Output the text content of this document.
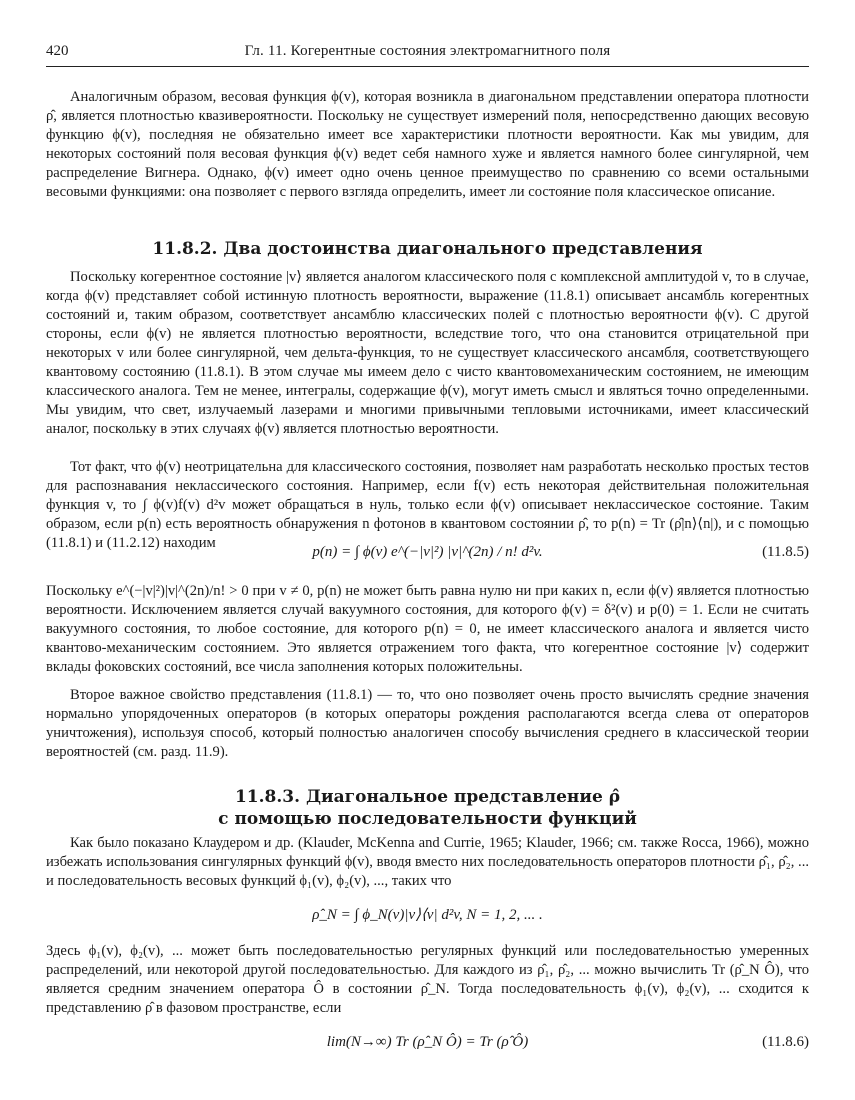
420	Гл. 11. Когерентные состояния электромагнитного поля

Аналогичным образом, весовая функция ϕ(v), которая возникла в диагональном представлении оператора плотности ρ̂, является плотностью квазивероятности. Поскольку не существует измерений поля, непосредственно дающих весовую функцию ϕ(v), последняя не обязательно имеет все характеристики плотности вероятности. Как мы увидим, для некоторых состояний поля весовая функция ϕ(v) ведет себя намного хуже и является намного более сингулярной, чем распределение Вигнера. Однако, ϕ(v) имеет одно очень ценное преимущество по сравнению со всеми остальными весовыми функциями: она позволяет с первого взгляда определить, имеет ли состояние поля классическое описание.

11.8.2. Два достоинства диагонального представления

Поскольку когерентное состояние |v⟩ является аналогом классического поля с комплексной амплитудой v, то в случае, когда ϕ(v) представляет собой истинную плотность вероятности, выражение (11.8.1) описывает ансамбль когерентных состояний и, таким образом, соответствует ансамблю классических полей с плотностью вероятности ϕ(v). С другой стороны, если ϕ(v) не является плотностью вероятности, вследствие того, что она становится отрицательной при некоторых v или более сингулярной, чем дельта-функция, то не существует классического ансамбля, соответствующего квантовому состоянию (11.8.1). В этом случае мы имеем дело с чисто квантовомеханическим состоянием, не имеющим классического аналога. Тем не менее, интегралы, содержащие ϕ(v), могут иметь смысл и являться точно определенными. Мы увидим, что свет, излучаемый лазерами и многими привычными тепловыми источниками, имеет классический аналог, поскольку в этих случаях ϕ(v) является плотностью вероятности.

Тот факт, что ϕ(v) неотрицательна для классического состояния, позволяет нам разработать несколько простых тестов для распознавания неклассического состояния. Например, если f(v) есть некоторая действительная положительная функция v, то ∫ ϕ(v)f(v) d²v может обращаться в нуль, только если ϕ(v) описывает неклассическое состояние. Таким образом, если p(n) есть вероятность обнаружения n фотонов в квантовом состоянии ρ̂, то p(n) = Tr (ρ̂|n⟩⟨n|), и с помощью (11.8.1) и (11.2.12) находим

p(n) = ∫ ϕ(v) e^(−|v|²) |v|^(2n) / n! d²v.	(11.8.5)

Поскольку e^(−|v|²)|v|^(2n)/n! > 0 при v ≠ 0, p(n) не может быть равна нулю ни при каких n, если ϕ(v) является плотностью вероятности. Исключением является случай вакуумного состояния, для которого ϕ(v) = δ²(v) и p(0) = 1. Если не считать вакуумного состояния, то любое состояние, для которого p(n) = 0, не имеет классического аналога и является чисто квантово-механическим состоянием. Это является отражением того факта, что когерентное состояние |v⟩ содержит вклады фоковских состояний, все числа заполнения которых положительны.

Второе важное свойство представления (11.8.1) — то, что оно позволяет очень просто вычислять средние значения нормально упорядоченных операторов (в которых операторы рождения располагаются всегда слева от операторов уничтожения), используя способ, который полностью аналогичен способу вычисления среднего в классической теории вероятностей (см. разд. 11.9).

11.8.3. Диагональное представление ρ̂
с помощью последовательности функций

Как было показано Клаудером и др. (Klauder, McKenna and Currie, 1965; Klauder, 1966; см. также Rocca, 1966), можно избежать использования сингулярных функций ϕ(v), вводя вместо них последовательность операторов плотности ρ̂₁, ρ̂₂, ... и последовательность весовых функций ϕ₁(v), ϕ₂(v), ..., таких что

ρ̂_N = ∫ ϕ_N(v)|v⟩⟨v| d²v, N = 1, 2, ... .

Здесь ϕ₁(v), ϕ₂(v), ... может быть последовательностью регулярных функций или последовательностью умеренных распределений, или некоторой другой последовательностью. Для каждого из ρ̂₁, ρ̂₂, ... можно вычислить Tr (ρ̂_N Ô), что является средним значением оператора Ô в состоянии ρ̂_N. Тогда последовательность ϕ₁(v), ϕ₂(v), ... сходится к представлению ρ̂ в фазовом пространстве, если

lim(N→∞) Tr (ρ̂_N Ô) = Tr (ρ̂ Ô)	(11.8.6)
